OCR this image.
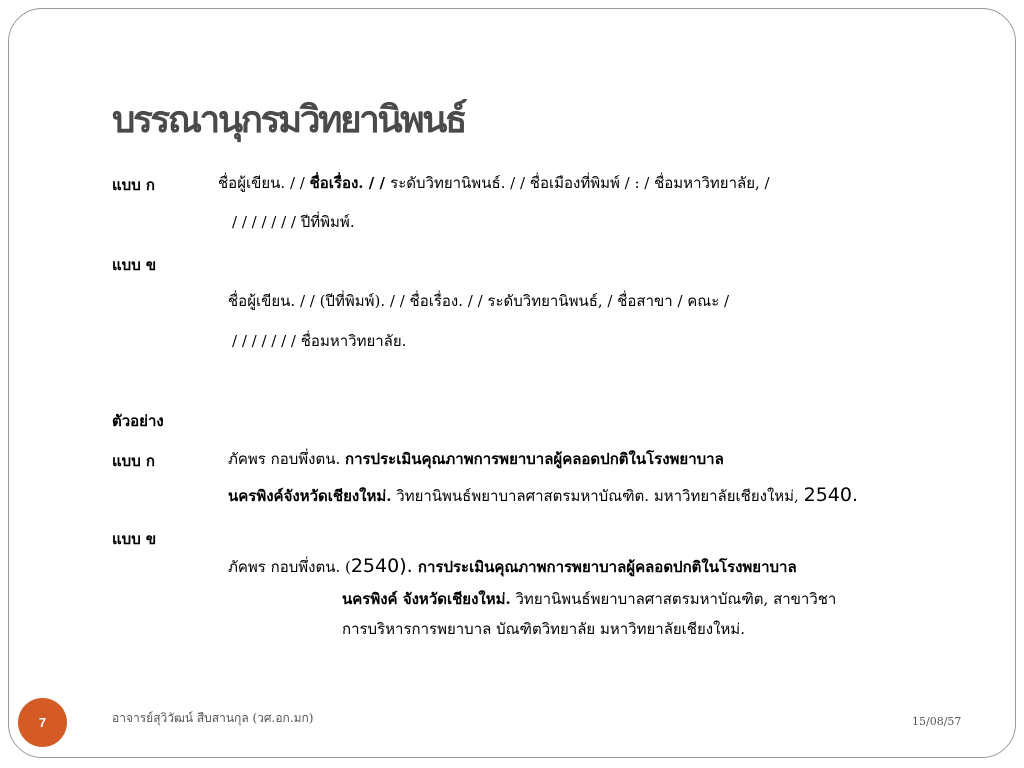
บรรณานุกรมวิทยานิพนธ์
แบบ ก	ชื่อผู้เขียน. / / ชื่อเรื่อง. / / ระดับวิทยานิพนธ์. / / ชื่อเมืองที่พิมพ์ / : / ชื่อมหาวิทยาลัย, /
/ / / / / / / ปีที่พิมพ์.
แบบ ข
ชื่อผู้เขียน. / / (ปีที่พิมพ์). / / ชื่อเรื่อง. / / ระดับวิทยานิพนธ์, / ชื่อสาขา / คณะ /
/ / / / / / / ชื่อมหาวิทยาลัย.
ตัวอย่าง
แบบ ก	ภัคพร กอบพึ่งตน. การประเมินคุณภาพการพยาบาลผู้คลอดปกติในโรงพยาบาล
นครพิงค์จังหวัดเชียงใหม่. วิทยานิพนธ์พยาบาลศาสตรมหาบัณฑิต. มหาวิทยาลัยเชียงใหม่, 2540.
แบบ ข
ภัคพร กอบพึ่งตน. (2540). การประเมินคุณภาพการพยาบาลผู้คลอดปกติในโรงพยาบาล
นครพิงค์ จังหวัดเชียงใหม่. วิทยานิพนธ์พยาบาลศาสตรมหาบัณฑิต, สาขาวิชา
การบริหารการพยาบาล บัณฑิตวิทยาลัย มหาวิทยาลัยเชียงใหม่.
7	อาจารย์สุวิวัฒน์ สืบสานกุล (วศ.อก.มก)	15/08/57
